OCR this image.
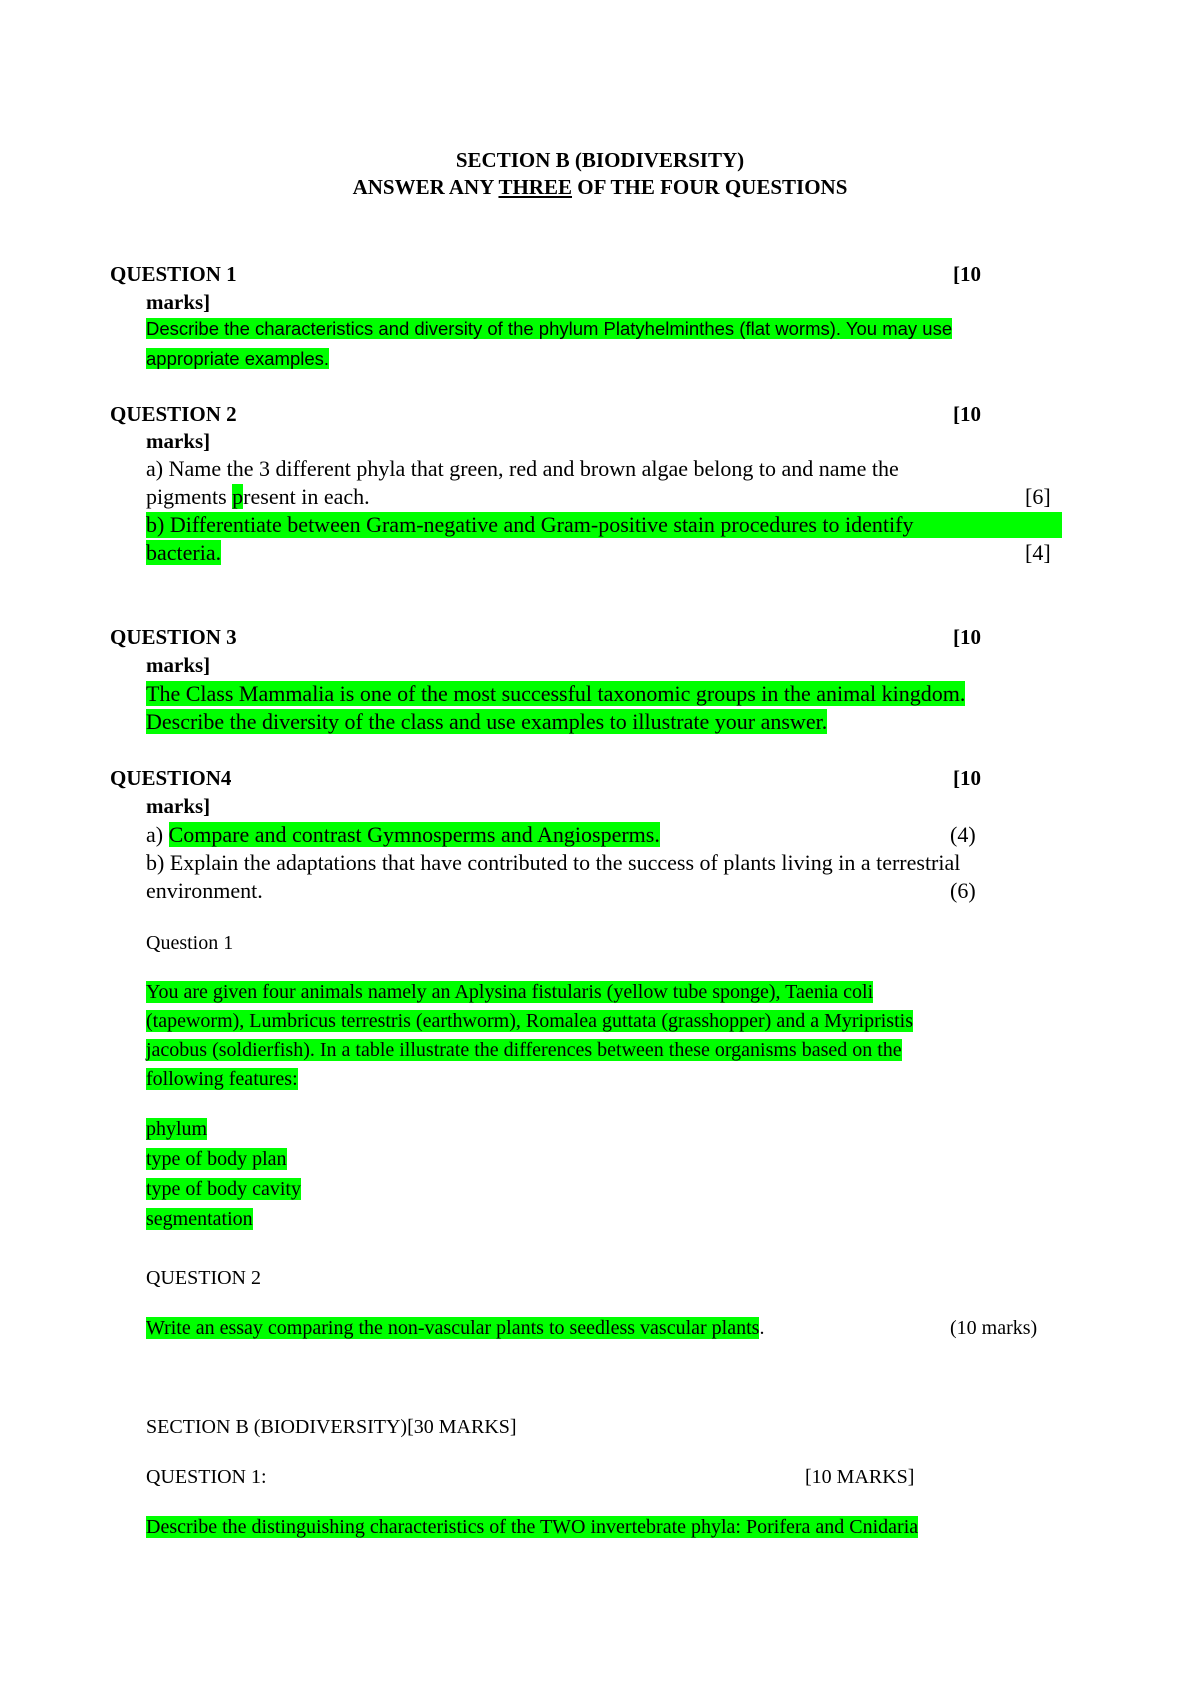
SECTION B (BIODIVERSITY)
ANSWER ANY THREE OF THE FOUR QUESTIONS
QUESTION 1	[10
marks]
Describe the characteristics and diversity of the phylum Platyhelminthes (flat worms). You may use
appropriate examples.
QUESTION 2	[10
marks]
a) Name the 3 different phyla that green, red and brown algae belong to and name the
pigments present in each.	[6]
b) Differentiate between Gram-negative and Gram-positive stain procedures to identify
bacteria.	[4]
QUESTION 3	[10
marks]
The Class Mammalia is one of the most successful taxonomic groups in the animal kingdom.
Describe the diversity of the class and use examples to illustrate your answer.
QUESTION4	[10
marks]
a) Compare and contrast Gymnosperms and Angiosperms.	(4)
b) Explain the adaptations that have contributed to the success of plants living in a terrestrial
environment.	(6)
Question 1
You are given four animals namely an Aplysina fistularis (yellow tube sponge), Taenia coli
(tapeworm), Lumbricus terrestris (earthworm), Romalea guttata (grasshopper) and a Myripristis
jacobus (soldierfish). In a table illustrate the differences between these organisms based on the
following features:
phylum
type of body plan
type of body cavity
segmentation
QUESTION 2
Write an essay comparing the non-vascular plants to seedless vascular plants.	(10 marks)
SECTION B (BIODIVERSITY)[30 MARKS]
QUESTION 1:	[10 MARKS]
Describe the distinguishing characteristics of the TWO invertebrate phyla: Porifera and Cnidaria
